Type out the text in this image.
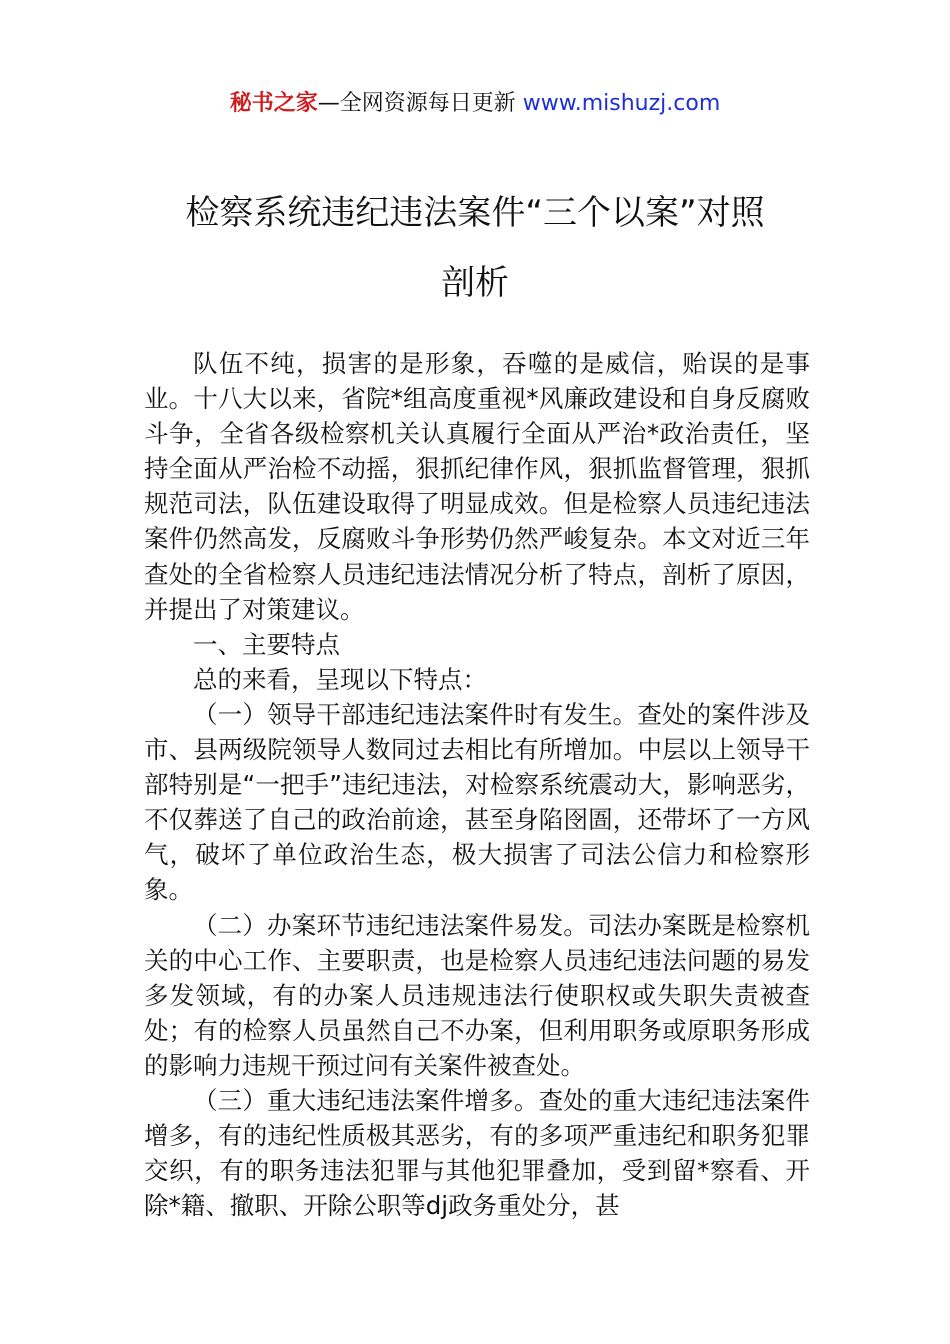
秘书之家—全网资源每日更新 www.mishuzj.com
检察系统违纪违法案件“三个以案”对照
剖析

队伍不纯，损害的是形象，吞噬的是威信，贻误的是事业。十八大以来，省院*组高度重视*风廉政建设和自身反腐败斗争，全省各级检察机关认真履行全面从严治*政治责任，坚持全面从严治检不动摇，狠抓纪律作风，狠抓监督管理，狠抓规范司法，队伍建设取得了明显成效。但是检察人员违纪违法案件仍然高发，反腐败斗争形势仍然严峻复杂。本文对近三年查处的全省检察人员违纪违法情况分析了特点，剖析了原因，并提出了对策建议。

一、主要特点

总的来看，呈现以下特点：

（一）领导干部违纪违法案件时有发生。查处的案件涉及市、县两级院领导人数同过去相比有所增加。中层以上领导干部特别是“一把手”违纪违法，对检察系统震动大，影响恶劣，不仅葬送了自己的政治前途，甚至身陷囹圄，还带坏了一方风气，破坏了单位政治生态，极大损害了司法公信力和检察形象。

（二）办案环节违纪违法案件易发。司法办案既是检察机关的中心工作、主要职责，也是检察人员违纪违法问题的易发多发领域，有的办案人员违规违法行使职权或失职失责被查处；有的检察人员虽然自己不办案，但利用职务或原职务形成的影响力违规干预过问有关案件被查处。

（三）重大违纪违法案件增多。查处的重大违纪违法案件增多，有的违纪性质极其恶劣，有的多项严重违纪和职务犯罪交织，有的职务违法犯罪与其他犯罪叠加，受到留*察看、开除*籍、撤职、开除公职等dj政务重处分，甚
